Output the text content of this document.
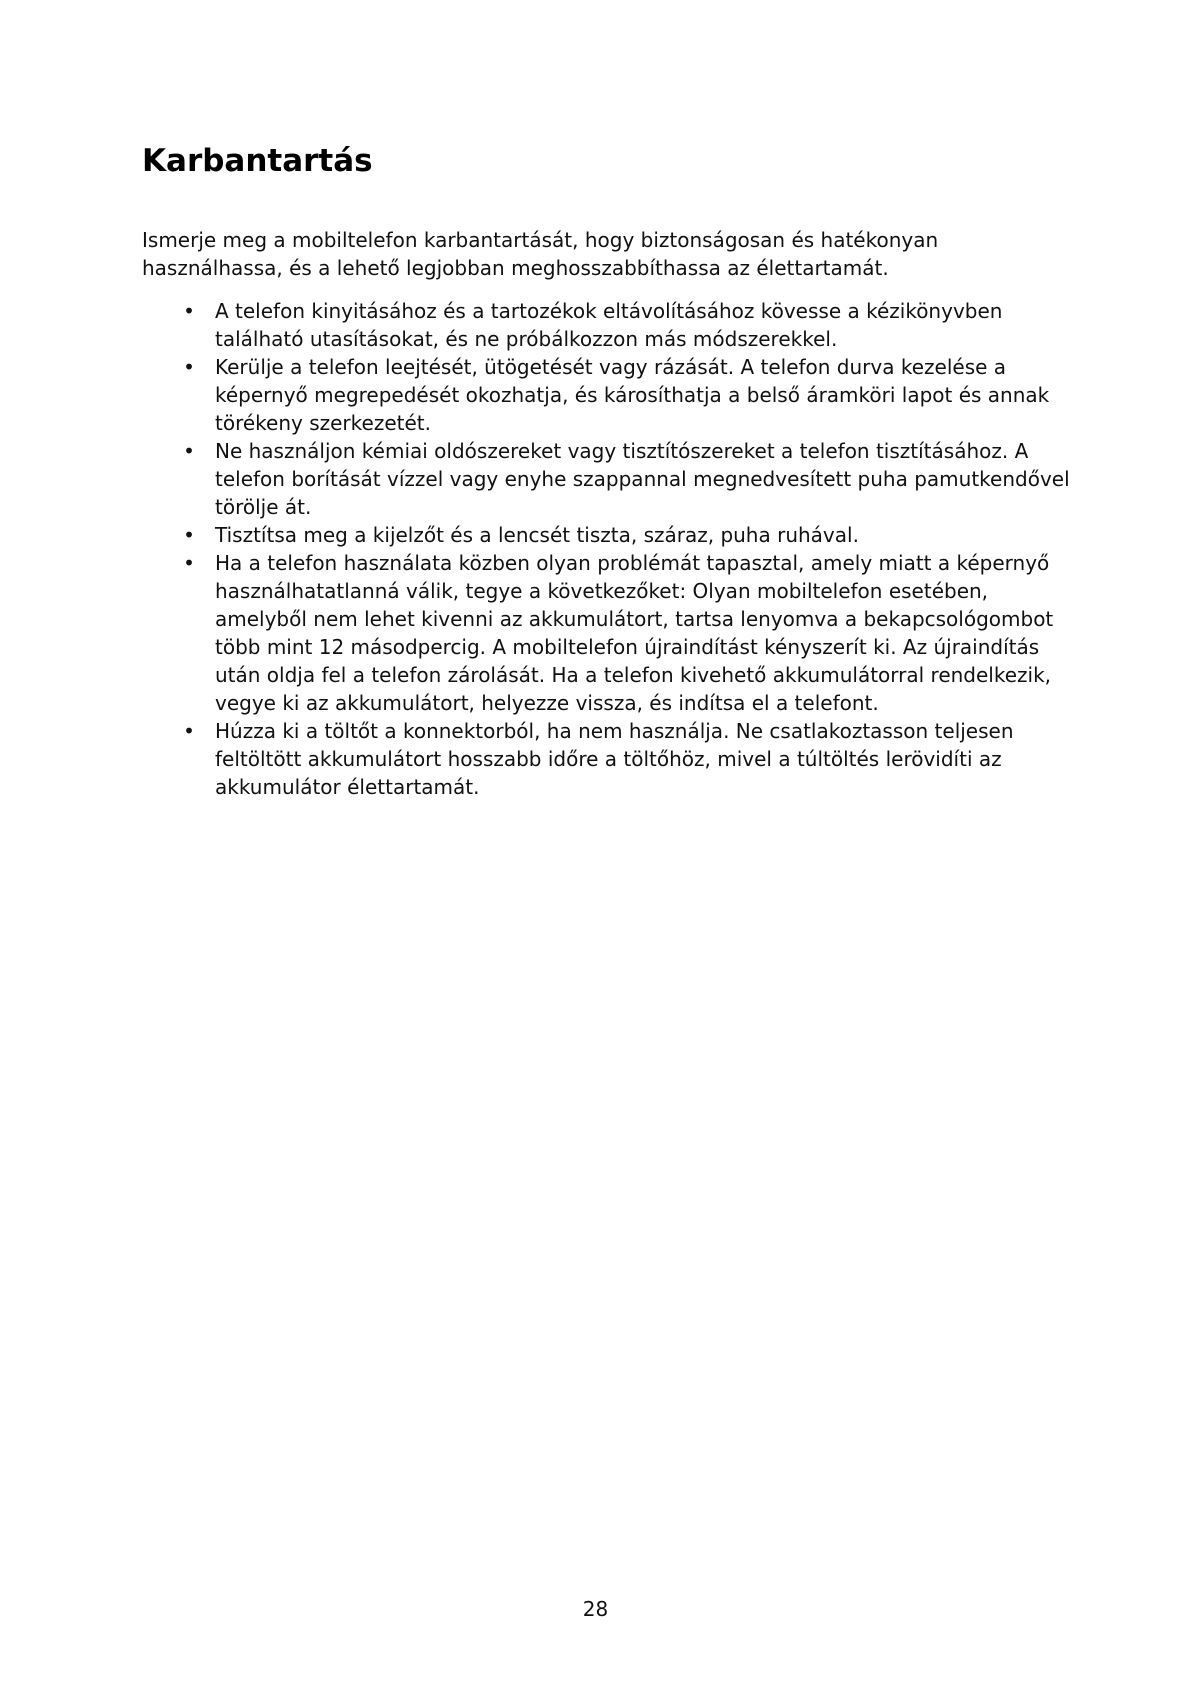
Karbantartás

Ismerje meg a mobiltelefon karbantartását, hogy biztonságosan és hatékonyan használhassa, és a lehető legjobban meghosszabbíthassa az élettartamát.

• A telefon kinyitásához és a tartozékok eltávolításához kövesse a kézikönyvben található utasításokat, és ne próbálkozzon más módszerekkel.
• Kerülje a telefon leejtését, ütögetését vagy rázását. A telefon durva kezelése a képernyő megrepedését okozhatja, és károsíthatja a belső áramköri lapot és annak törékeny szerkezetét.
• Ne használjon kémiai oldószereket vagy tisztítószereket a telefon tisztításához. A telefon borítását vízzel vagy enyhe szappannal megnedvesített puha pamutkendővel törölje át.
• Tisztítsa meg a kijelzőt és a lencsét tiszta, száraz, puha ruhával.
• Ha a telefon használata közben olyan problémát tapasztal, amely miatt a képernyő használhatatlanná válik, tegye a következőket: Olyan mobiltelefon esetében, amelyből nem lehet kivenni az akkumulátort, tartsa lenyomva a bekapcsológombot több mint 12 másodpercig. A mobiltelefon újraindítást kényszerít ki. Az újraindítás után oldja fel a telefon zárolását. Ha a telefon kivehető akkumulátorral rendelkezik, vegye ki az akkumulátort, helyezze vissza, és indítsa el a telefont.
• Húzza ki a töltőt a konnektorból, ha nem használja. Ne csatlakoztasson teljesen feltöltött akkumulátort hosszabb időre a töltőhöz, mivel a túltöltés lerövidíti az akkumulátor élettartamát.
28
